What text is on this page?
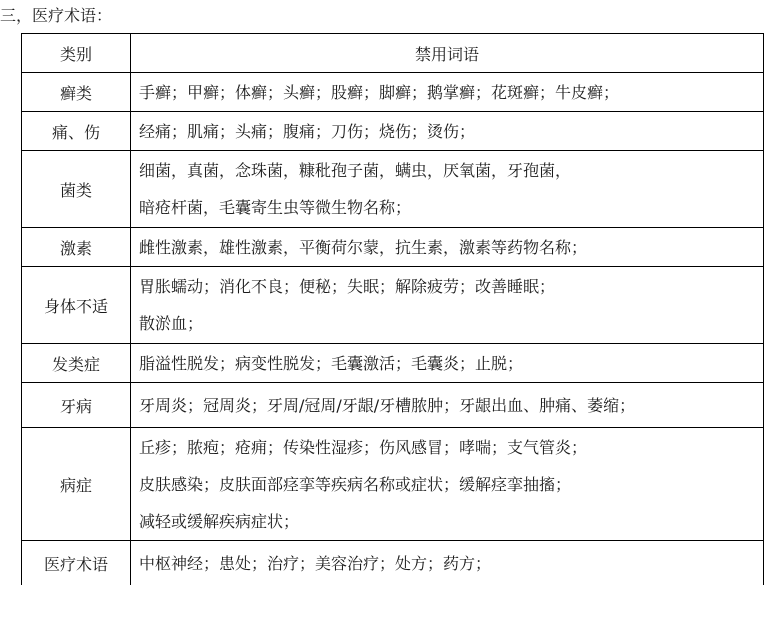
三，医疗术语：
类别	禁用词语
癣类	手癣；甲癣；体癣；头癣；股癣；脚癣；鹅掌癣；花斑癣；牛皮癣；

痛、伤	经痛；肌痛；头痛；腹痛；刀伤；烧伤；烫伤；

菌类	细菌，真菌，念珠菌，糠秕孢子菌，螨虫，厌氧菌，牙孢菌，
暗疮杆菌，毛囊寄生虫等微生物名称；

激素	雌性激素，雄性激素，平衡荷尔蒙，抗生素，激素等药物名称；

身体不适	胃胀蠕动；消化不良；便秘；失眠；解除疲劳；改善睡眠；
散淤血；

发类症	脂溢性脱发；病变性脱发；毛囊激活；毛囊炎；止脱；

牙病	牙周炎；冠周炎；牙周/冠周/牙龈/牙槽脓肿；牙龈出血、肿痛、萎缩；

病症	丘疹；脓疱；疮痈；传染性湿疹；伤风感冒；哮喘；支气管炎；
皮肤感染；皮肤面部痉挛等疾病名称或症状；缓解痉挛抽搐；
减轻或缓解疾病症状；

医疗术语	中枢神经；患处；治疗；美容治疗；处方；药方；
